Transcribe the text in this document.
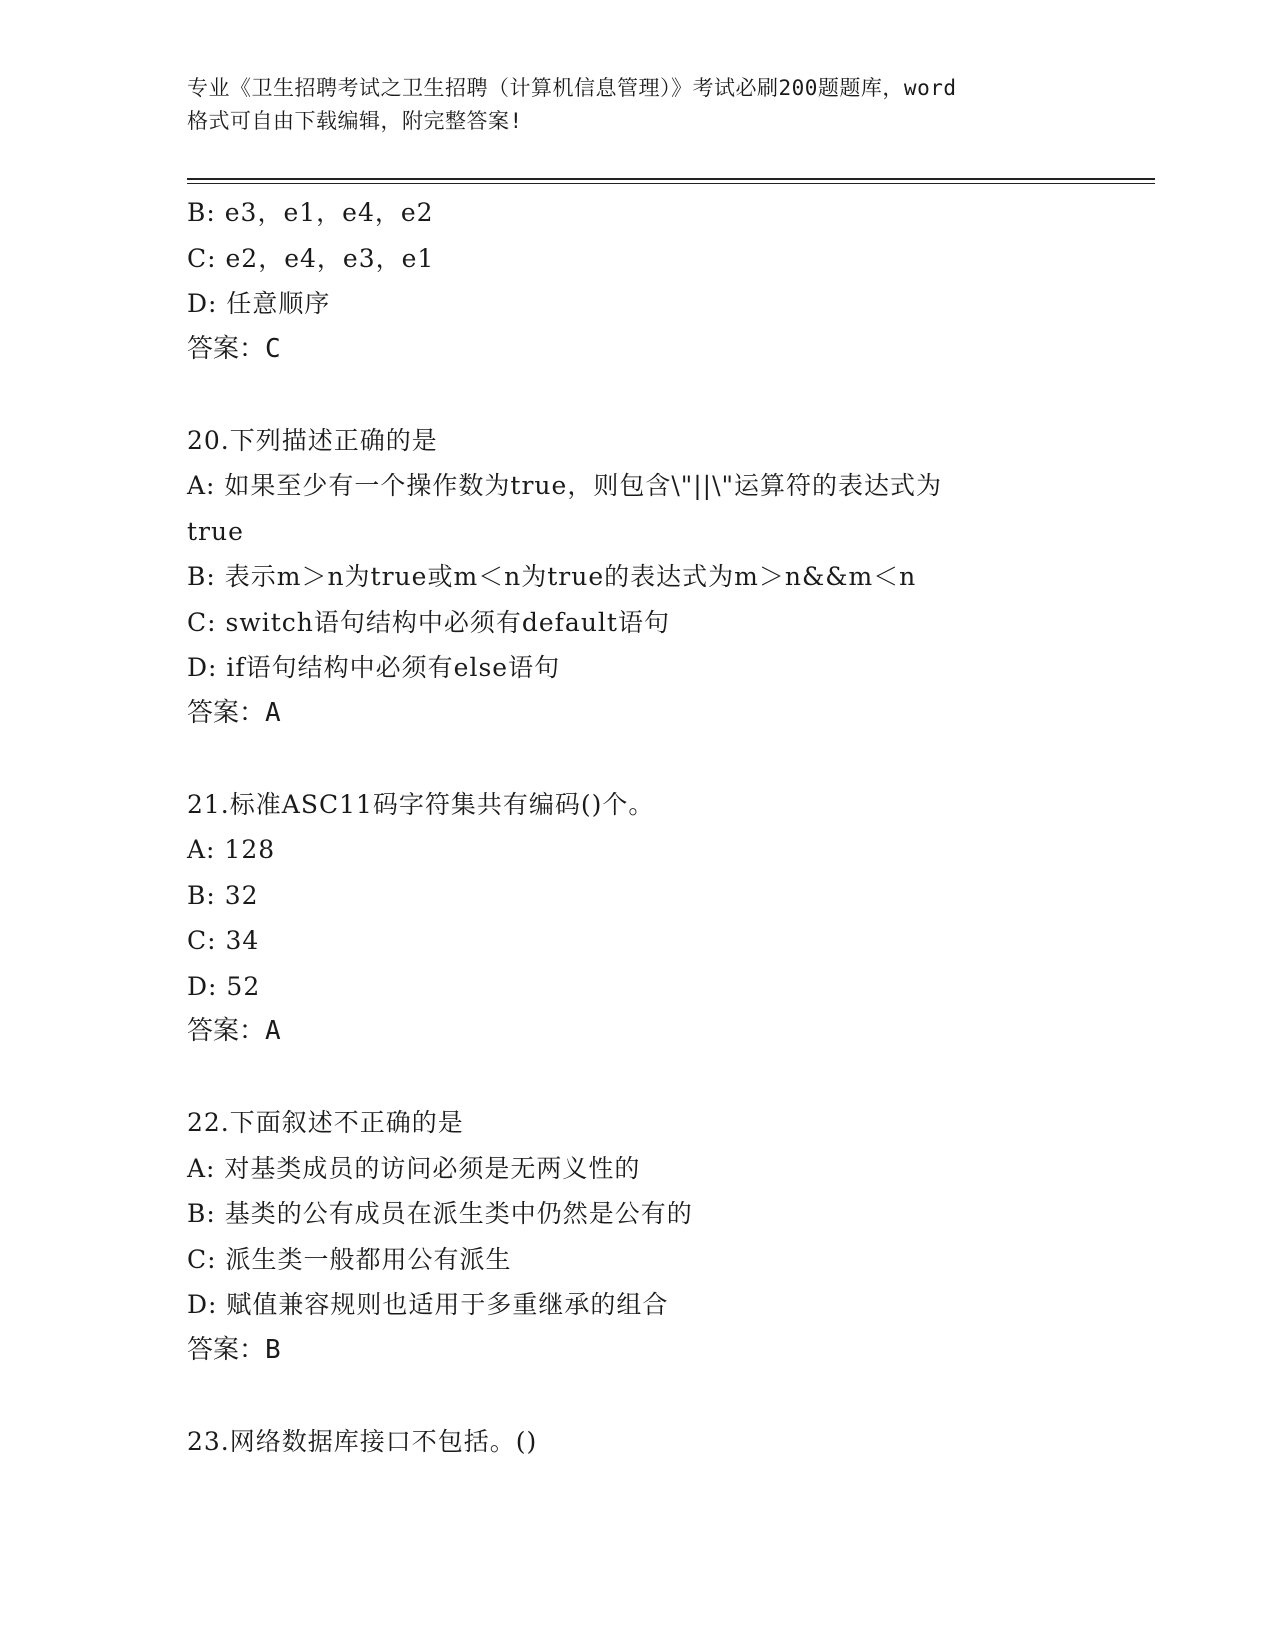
专业《卫生招聘考试之卫生招聘（计算机信息管理）》考试必刷200题题库，word
格式可自由下载编辑，附完整答案!
B: e3，e1，e4，e2
C: e2，e4，e3，e1
D: 任意顺序
答案：C
20.下列描述正确的是
A: 如果至少有一个操作数为true，则包含\"||\"运算符的表达式为
true
B: 表示m＞n为true或m＜n为true的表达式为m＞n&&m＜n
C: switch语句结构中必须有default语句
D: if语句结构中必须有else语句
答案：A
21.标准ASC11码字符集共有编码()个。
A: 128
B: 32
C: 34
D: 52
答案：A
22.下面叙述不正确的是
A: 对基类成员的访问必须是无两义性的
B: 基类的公有成员在派生类中仍然是公有的
C: 派生类一般都用公有派生
D: 赋值兼容规则也适用于多重继承的组合
答案：B
23.网络数据库接口不包括。()
